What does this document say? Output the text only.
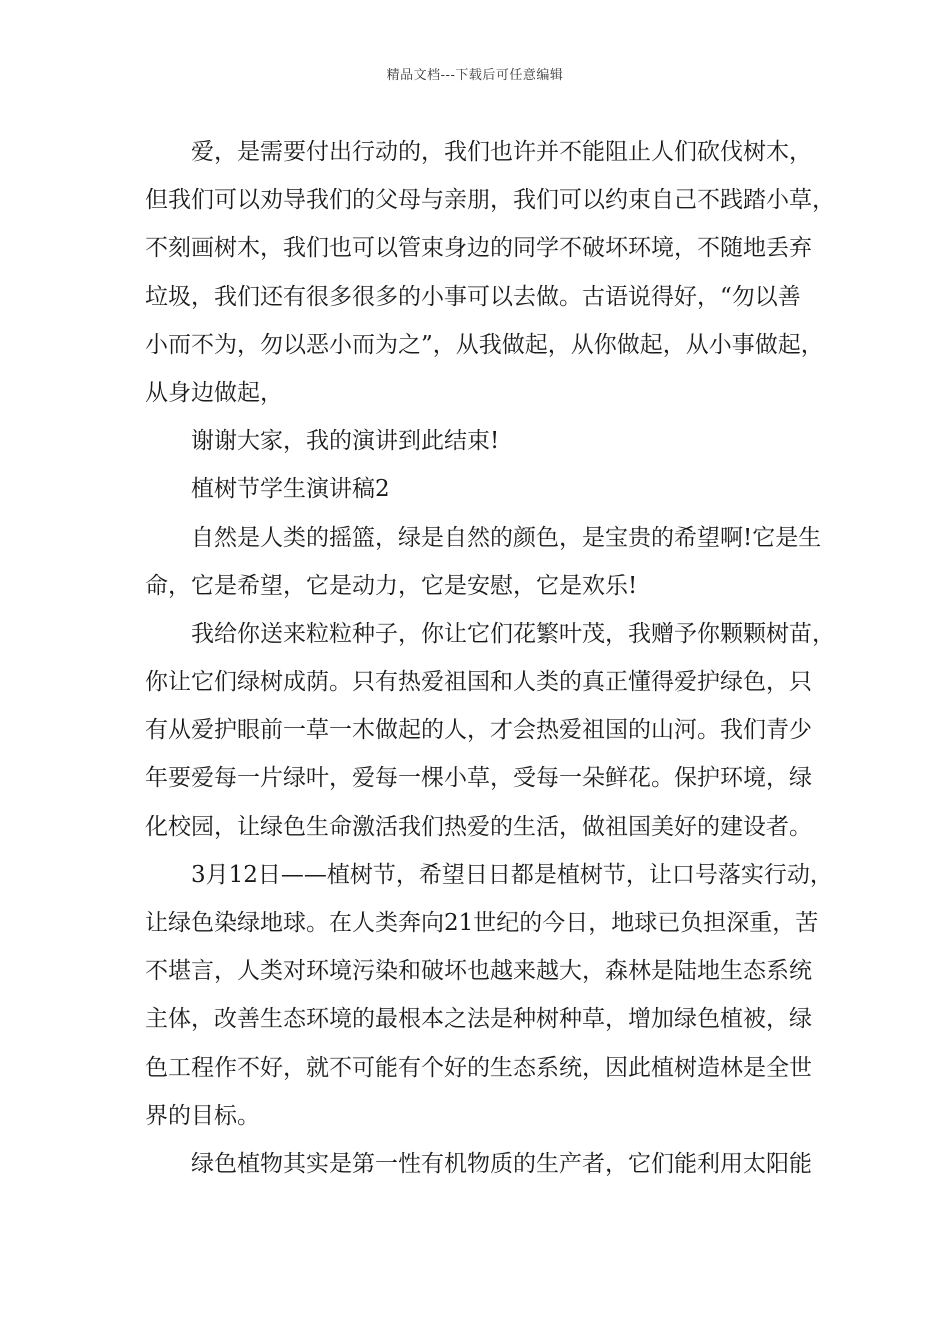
精品文档---下载后可任意编辑
爱，是需要付出行动的，我们也许并不能阻止人们砍伐树木，
但我们可以劝导我们的父母与亲朋，我们可以约束自己不践踏小草，
不刻画树木，我们也可以管束身边的同学不破坏环境，不随地丢弃
垃圾，我们还有很多很多的小事可以去做。古语说得好，“勿以善
小而不为，勿以恶小而为之”，从我做起，从你做起，从小事做起，
从身边做起，
谢谢大家，我的演讲到此结束!
植树节学生演讲稿2
自然是人类的摇篮，绿是自然的颜色，是宝贵的希望啊!它是生
命，它是希望，它是动力，它是安慰，它是欢乐!
我给你送来粒粒种子，你让它们花繁叶茂，我赠予你颗颗树苗，
你让它们绿树成荫。只有热爱祖国和人类的真正懂得爱护绿色，只
有从爱护眼前一草一木做起的人，才会热爱祖国的山河。我们青少
年要爱每一片绿叶，爱每一棵小草，受每一朵鲜花。保护环境，绿
化校园，让绿色生命激活我们热爱的生活，做祖国美好的建设者。
3月12日——植树节，希望日日都是植树节，让口号落实行动，
让绿色染绿地球。在人类奔向21世纪的今日，地球已负担深重，苦
不堪言，人类对环境污染和破坏也越来越大，森林是陆地生态系统
主体，改善生态环境的最根本之法是种树种草，增加绿色植被，绿
色工程作不好，就不可能有个好的生态系统，因此植树造林是全世
界的目标。
绿色植物其实是第一性有机物质的生产者，它们能利用太阳能
